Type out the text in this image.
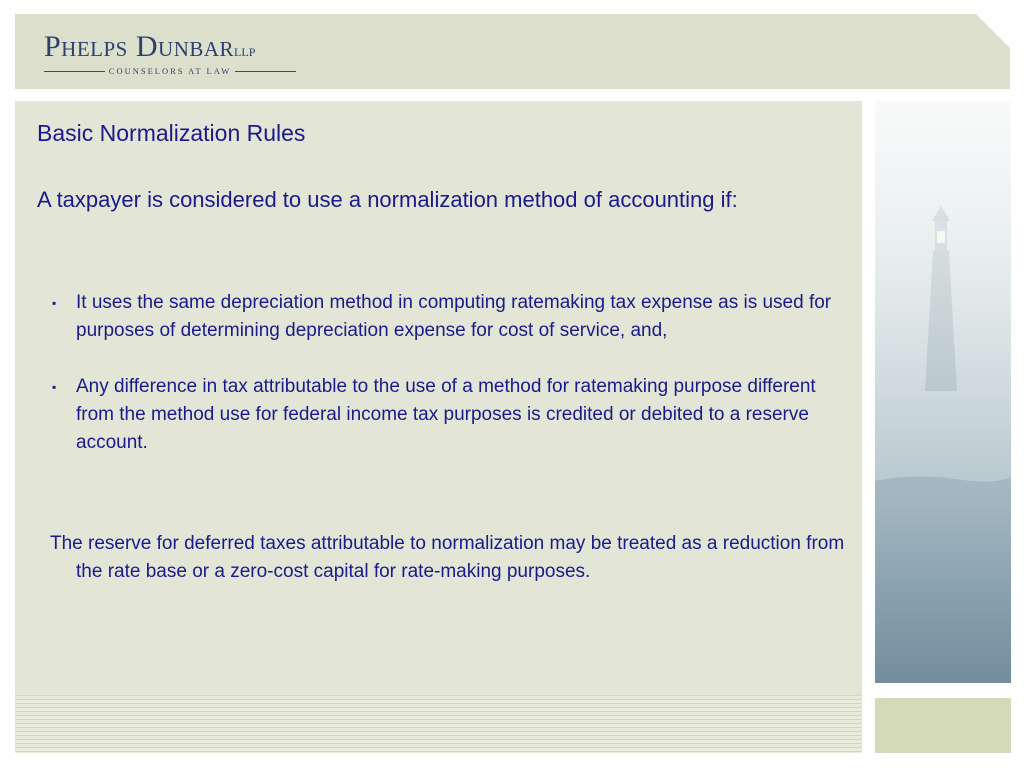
Phelps DunbarLLP
COUNSELORS AT LAW
Basic Normalization Rules

A taxpayer is considered to use a normalization method of accounting if:

▪ It uses the same depreciation method in computing ratemaking tax expense as is used for purposes of determining depreciation expense for cost of service, and,
▪ Any difference in tax attributable to the use of a method for ratemaking purpose different from the method use for federal income tax purposes is credited or debited to a reserve account.

The reserve for deferred taxes attributable to normalization may be treated as a reduction from the rate base or a zero-cost capital for rate-making purposes.
